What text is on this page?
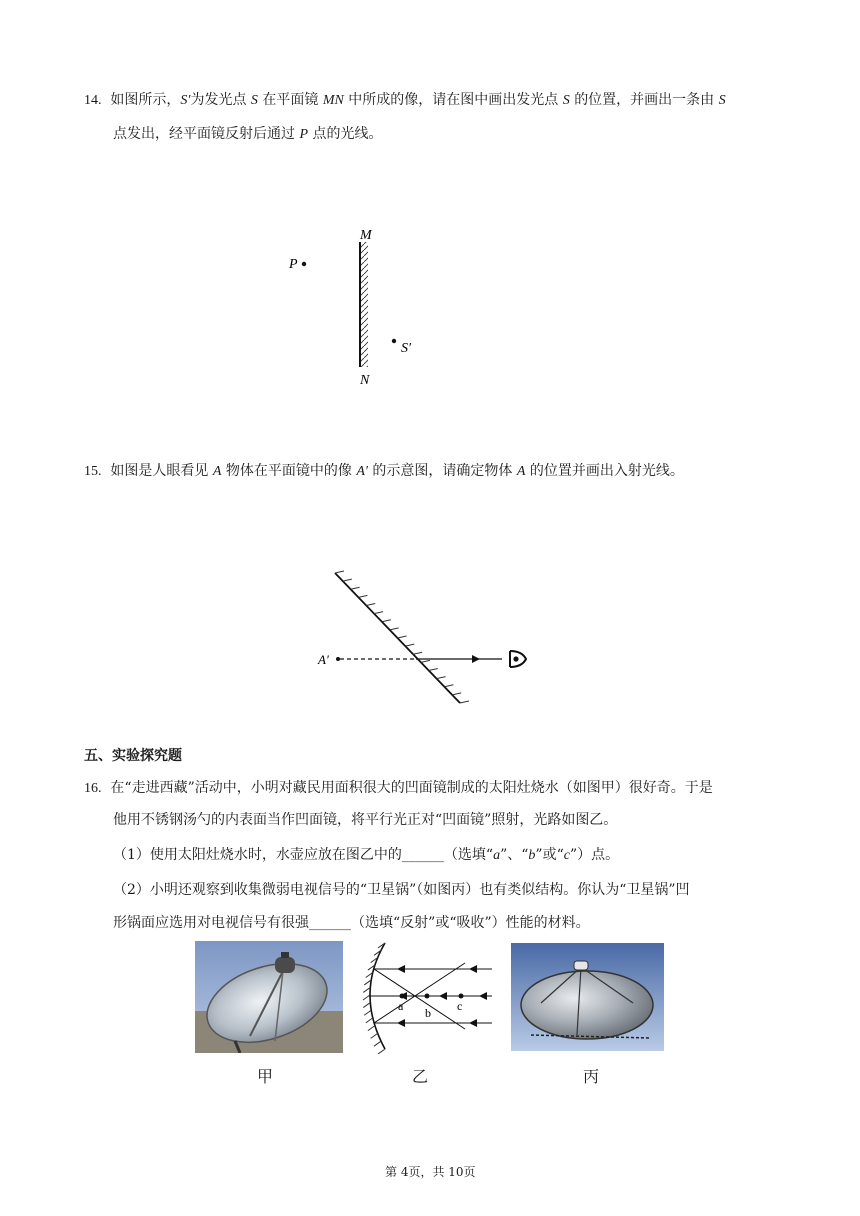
14. 如图所示，S′为发光点 S 在平面镜 MN 中所成的像，请在图中画出发光点 S 的位置，并画出一条由 S
点发出，经平面镜反射后通过 P 点的光线。
M
N
P
S′
15. 如图是人眼看见 A 物体在平面镜中的像 A′ 的示意图，请确定物体 A 的位置并画出入射光线。
A′
五、实验探究题
16. 在“走进西藏”活动中，小明对藏民用面积很大的凹面镜制成的太阳灶烧水（如图甲）很好奇。于是
他用不锈钢汤勺的内表面当作凹面镜，将平行光正对“凹面镜”照射，光路如图乙。
（1）使用太阳灶烧水时，水壶应放在图乙中的______（选填“a”、“b”或“c”）点。
（2）小明还观察到收集微弱电视信号的“卫星锅”（如图丙）也有类似结构。你认为“卫星锅”凹
形锅面应选用对电视信号有很强______（选填“反射”或“吸收”）性能的材料。
a b c
甲	乙	丙
第 4页，共 10页
